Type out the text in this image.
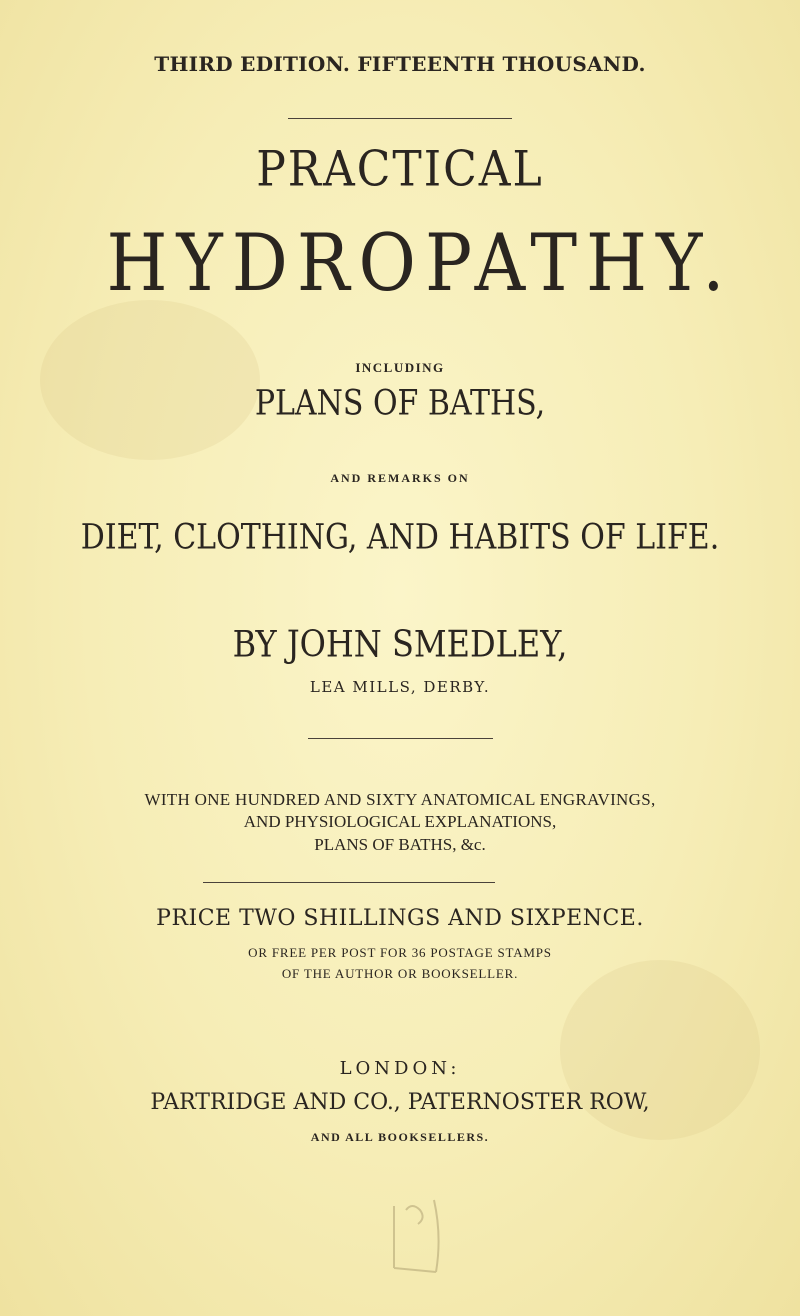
THIRD EDITION. FIFTEENTH THOUSAND.
PRACTICAL
HYDROPATHY.
INCLUDING
PLANS OF BATHS,
AND REMARKS ON
DIET, CLOTHING, AND HABITS OF LIFE.
BY JOHN SMEDLEY,
LEA MILLS, DERBY.
WITH ONE HUNDRED AND SIXTY ANATOMICAL ENGRAVINGS,
AND PHYSIOLOGICAL EXPLANATIONS,
PLANS OF BATHS, &c.
PRICE TWO SHILLINGS AND SIXPENCE.
OR FREE PER POST FOR 36 POSTAGE STAMPS
OF THE AUTHOR OR BOOKSELLER.
LONDON:
PARTRIDGE AND CO., PATERNOSTER ROW,
AND ALL BOOKSELLERS.
